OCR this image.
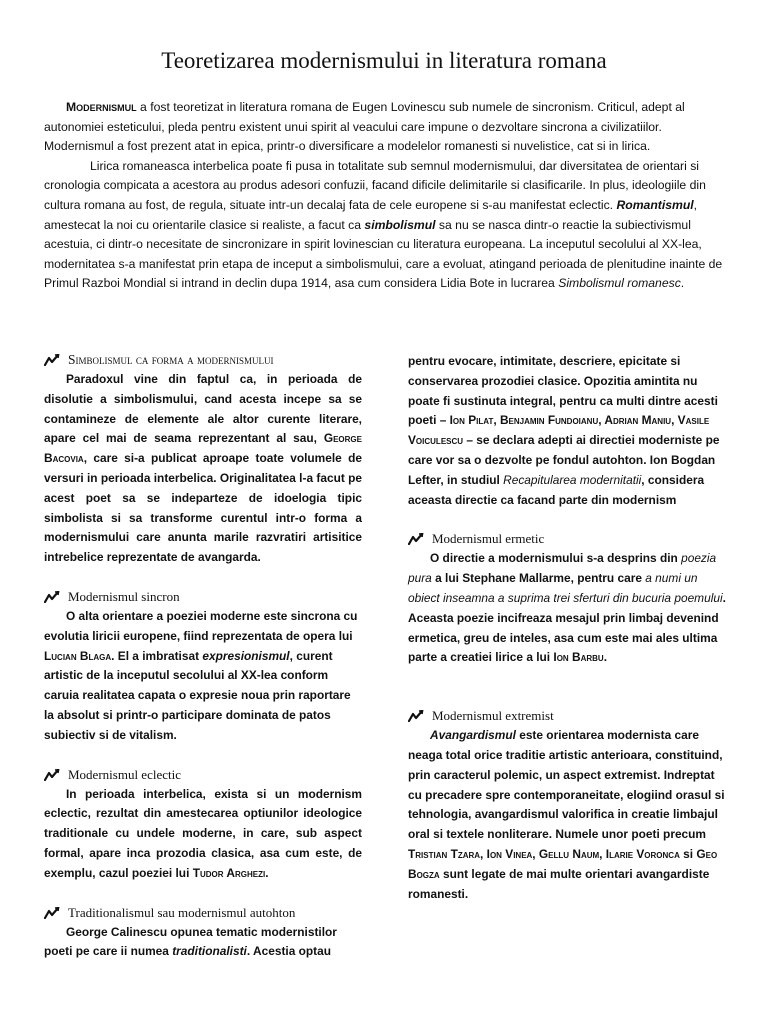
Teoretizarea modernismului in literatura romana

Modernismul a fost teoretizat in literatura romana de Eugen Lovinescu sub numele de sincronism. Criticul, adept al autonomiei esteticului, pleda pentru existent unui spirit al veacului care impune o dezvoltare sincrona a civilizatiilor. Modernismul a fost prezent atat in epica, printr-o diversificare a modelelor romanesti si nuvelistice, cat si in lirica.

Lirica romaneasca interbelica poate fi pusa in totalitate sub semnul modernismului, dar diversitatea de orientari si cronologia compicata a acestora au produs adesori confuzii, facand dificile delimitarile si clasificarile. In plus, ideologiile din cultura romana au fost, de regula, situate intr-un decalaj fata de cele europene si s-au manifestat eclectic. Romantismul, amestecat la noi cu orientarile clasice si realiste, a facut ca simbolismul sa nu se nasca dintr-o reactie la subiectivismul acestuia, ci dintr-o necesitate de sincronizare in spirit lovinescian cu literatura europeana. La inceputul secolului al XX-lea, modernitatea s-a manifestat prin etapa de inceput a simbolismului, care a evoluat, atingand perioada de plenitudine inainte de Primul Razboi Mondial si intrand in declin dupa 1914, asa cum considera Lidia Bote in lucrarea Simbolismul romanesc.

Simbolismul ca forma a modernismului

Paradoxul vine din faptul ca, in perioada de disolutie a simbolismului, cand acesta incepe sa se contamineze de elemente ale altor curente literare, apare cel mai de seama reprezentant al sau, George Bacovia, care si-a publicat aproape toate volumele de versuri in perioada interbelica. Originalitatea l-a facut pe acest poet sa se indeparteze de idoelogia tipic simbolista si sa transforme curentul intr-o forma a modernismului care anunta marile razvratiri artisitice intrebelice reprezentate de avangarda.

Modernismul sincron

O alta orientare a poeziei moderne este sincrona cu evolutia liricii europene, fiind reprezentata de opera lui Lucian Blaga. El a imbratisat expresionismul, curent artistic de la inceputul secolului al XX-lea conform caruia realitatea capata o expresie noua prin raportare la absolut si printr-o participare dominata de patos subiectiv si de vitalism.

Modernismul eclectic

In perioada interbelica, exista si un modernism eclectic, rezultat din amestecarea optiunilor ideologice traditionale cu undele moderne, in care, sub aspect formal, apare inca prozodia clasica, asa cum este, de exemplu, cazul poeziei lui Tudor Arghezi.

Traditionalismul sau modernismul autohton

George Calinescu opunea tematic modernistilor poeti pe care ii numea traditionalisti. Acestia optau

pentru evocare, intimitate, descriere, epicitate si conservarea prozodiei clasice. Opozitia amintita nu poate fi sustinuta integral, pentru ca multi dintre acesti poeti – Ion Pilat, Benjamin Fundoianu, Adrian Maniu, Vasile Voiculescu – se declara adepti ai directiei moderniste pe care vor sa o dezvolte pe fondul autohton. Ion Bogdan Lefter, in studiul Recapitularea modernitatii, considera aceasta directie ca facand parte din modernism

Modernismul ermetic

O directie a modernismului s-a desprins din poezia pura a lui Stephane Mallarme, pentru care a numi un obiect inseamna a suprima trei sferturi din bucuria poemului. Aceasta poezie incifreaza mesajul prin limbaj devenind ermetica, greu de inteles, asa cum este mai ales ultima parte a creatiei lirice a lui Ion Barbu.

Modernismul extremist

Avangardismul este orientarea modernista care neaga total orice traditie artistic anterioara, constituind, prin caracterul polemic, un aspect extremist. Indreptat cu precadere spre contemporaneitate, elogiind orasul si tehnologia, avangardismul valorifica in creatie limbajul oral si textele nonliterare. Numele unor poeti precum Tristian Tzara, Ion Vinea, Gellu Naum, Ilarie Voronca si Geo Bogza sunt legate de mai multe orientari avangardiste romanesti.
